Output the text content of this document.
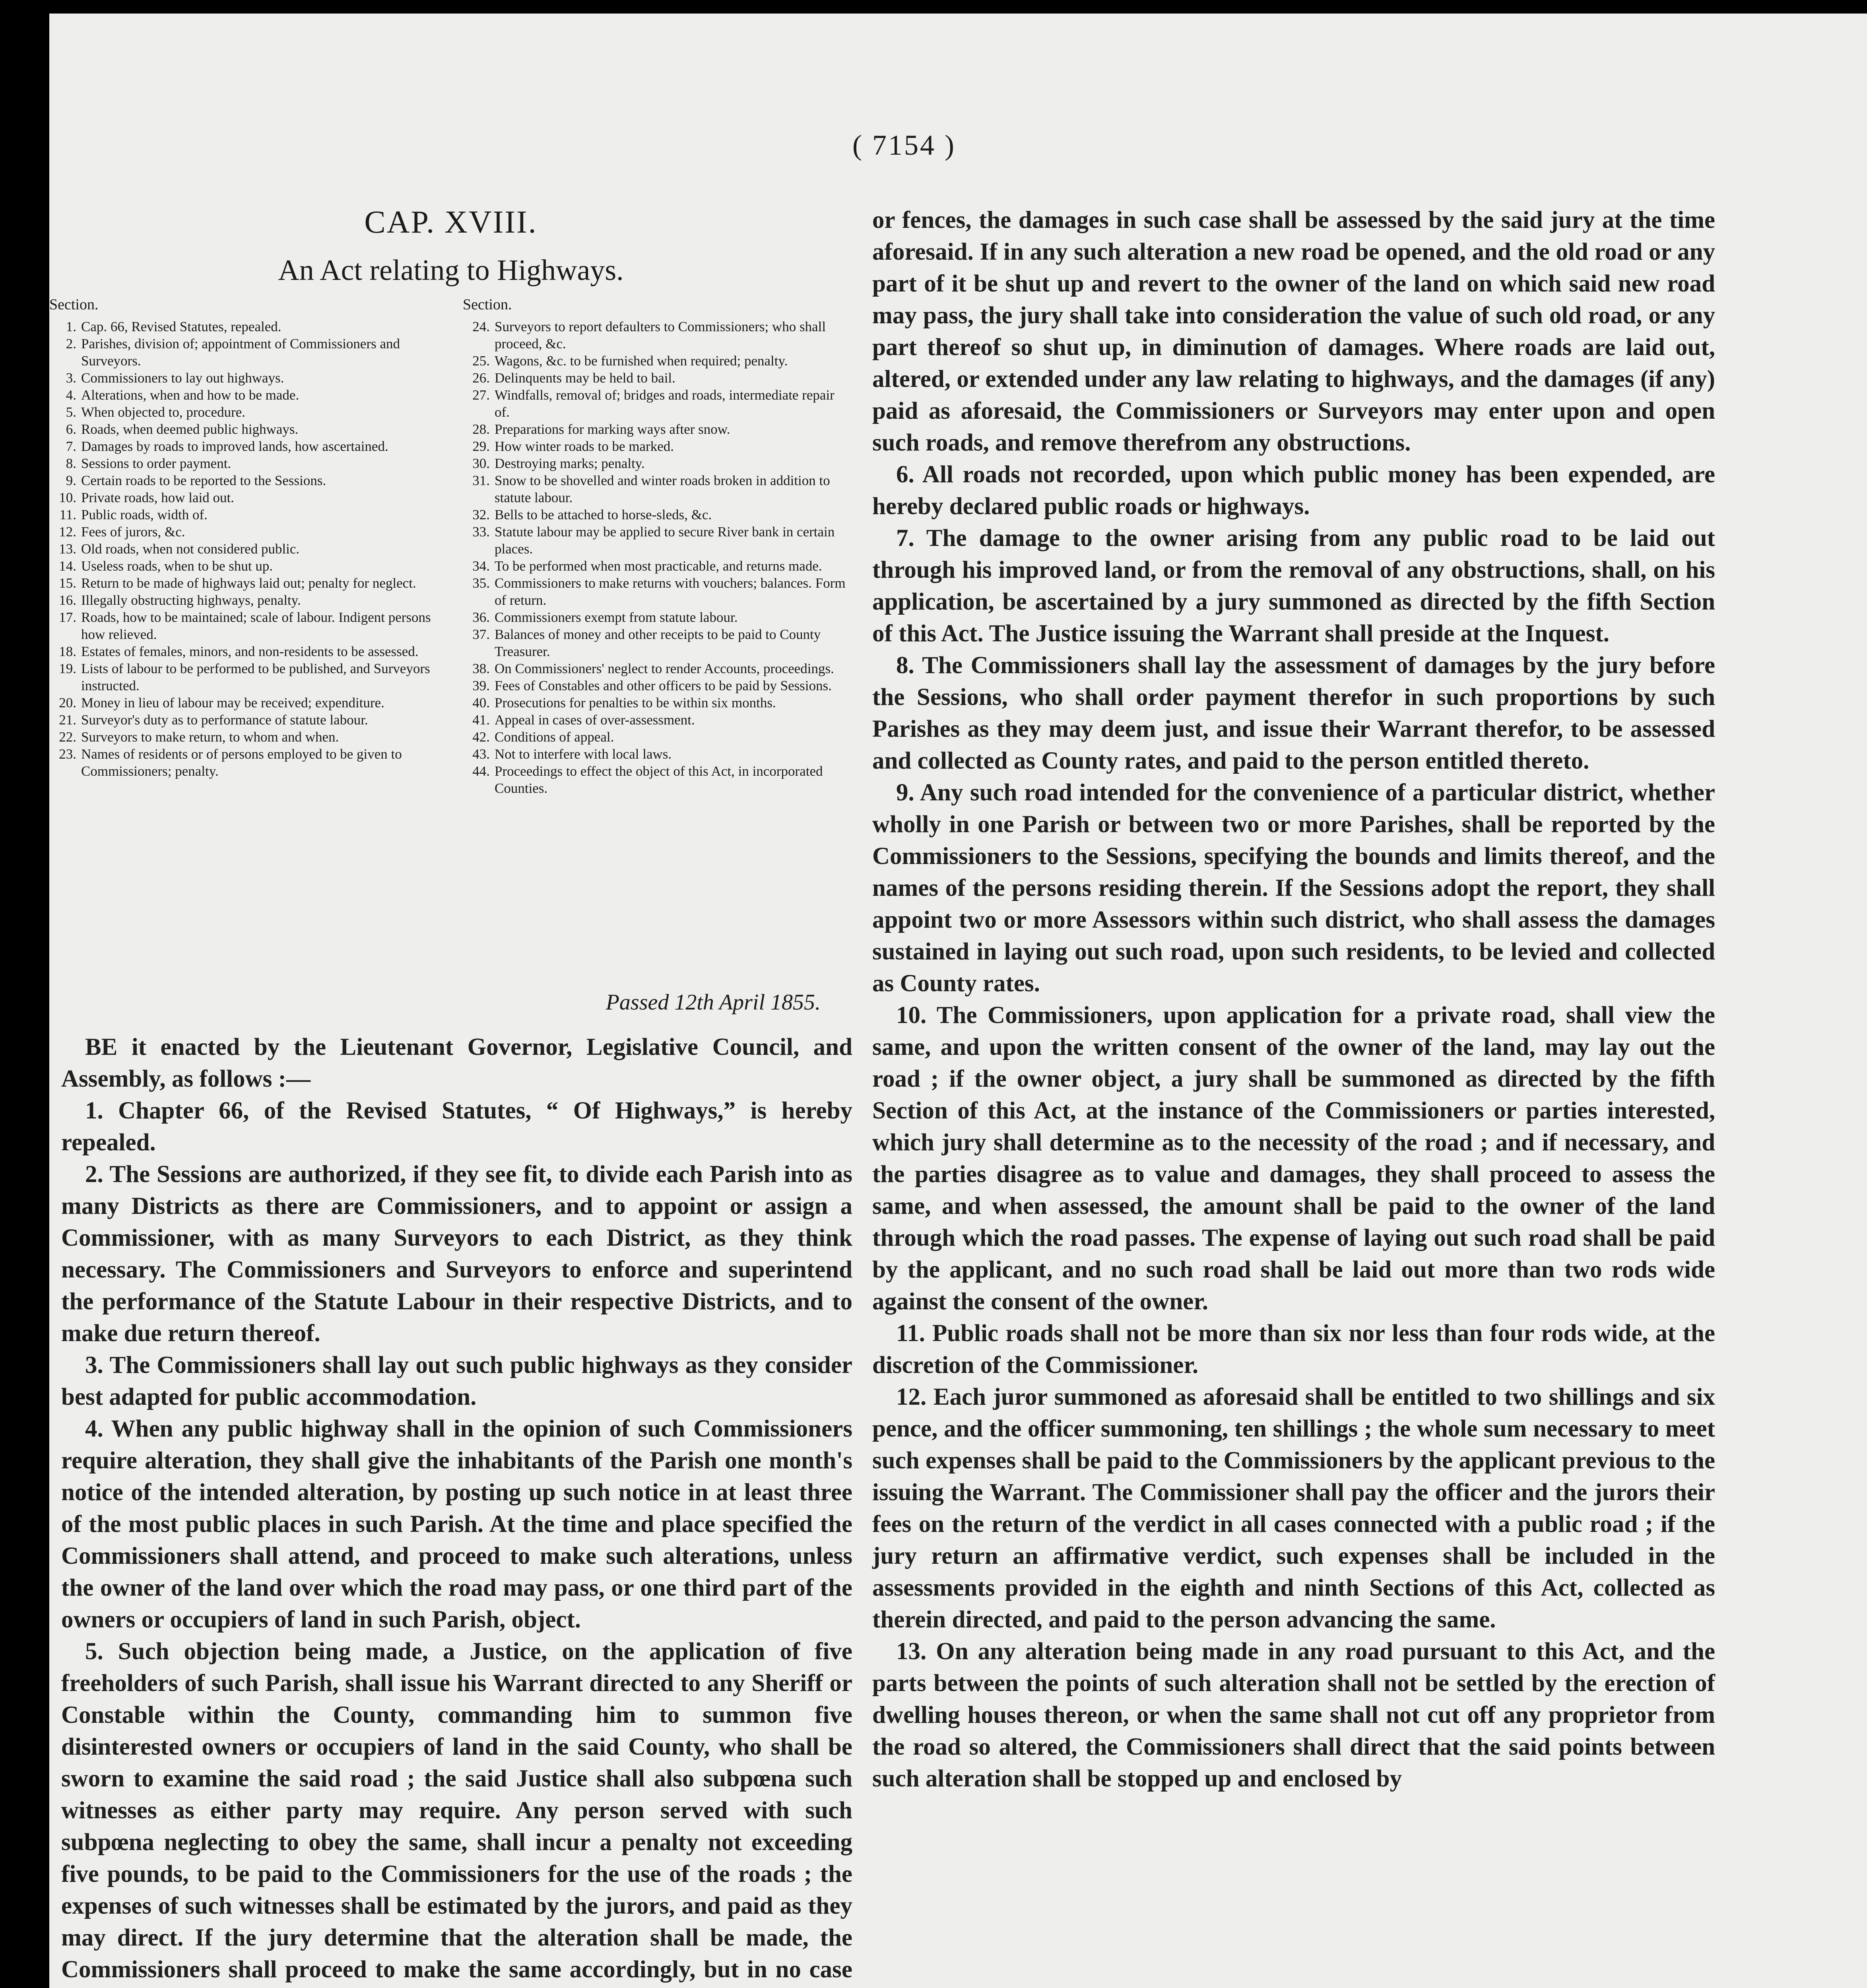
( 7154 )
CAP. XVIII.
An Act relating to Highways.
Section.
1. Cap. 66, Revised Statutes, repealed.
2. Parishes, division of; appointment of Commissioners and Surveyors.
3. Commissioners to lay out highways.
4. Alterations, when and how to be made.
5. When objected to, procedure.
6. Roads, when deemed public highways.
7. Damages by roads to improved lands, how ascertained.
8. Sessions to order payment.
9. Certain roads to be reported to the Sessions.
10. Private roads, how laid out.
11. Public roads, width of.
12. Fees of jurors, &c.
13. Old roads, when not considered public.
14. Useless roads, when to be shut up.
15. Return to be made of highways laid out; penalty for neglect.
16. Illegally obstructing highways, penalty.
17. Roads, how to be maintained; scale of labour. Indigent persons how relieved.
18. Estates of females, minors, and non-residents to be assessed.
19. Lists of labour to be performed to be published, and Surveyors instructed.
20. Money in lieu of labour may be received; expenditure.
21. Surveyor's duty as to performance of statute labour.
22. Surveyors to make return, to whom and when.
23. Names of residents or of persons employed to be given to Commissioners; penalty.
Section.
24. Surveyors to report defaulters to Commissioners; who shall proceed, &c.
25. Wagons, &c. to be furnished when required; penalty.
26. Delinquents may be held to bail.
27. Windfalls, removal of; bridges and roads, intermediate repair of.
28. Preparations for marking ways after snow.
29. How winter roads to be marked.
30. Destroying marks; penalty.
31. Snow to be shovelled and winter roads broken in addition to statute labour.
32. Bells to be attached to horse-sleds, &c.
33. Statute labour may be applied to secure River bank in certain places.
34. To be performed when most practicable, and returns made.
35. Commissioners to make returns with vouchers; balances. Form of return.
36. Commissioners exempt from statute labour.
37. Balances of money and other receipts to be paid to County Treasurer.
38. On Commissioners' neglect to render Accounts, proceedings.
39. Fees of Constables and other officers to be paid by Sessions.
40. Prosecutions for penalties to be within six months.
41. Appeal in cases of over-assessment.
42. Conditions of appeal.
43. Not to interfere with local laws.
44. Proceedings to effect the object of this Act, in incorporated Counties.
Passed 12th April 1855.

BE it enacted by the Lieutenant Governor, Legislative Council, and Assembly, as follows :—

1. Chapter 66, of the Revised Statutes, “ Of Highways,” is hereby repealed.

2. The Sessions are authorized, if they see fit, to divide each Parish into as many Districts as there are Commissioners, and to appoint or assign a Commissioner, with as many Surveyors to each District, as they think necessary. The Commissioners and Surveyors to enforce and superintend the performance of the Statute Labour in their respective Districts, and to make due return thereof.

3. The Commissioners shall lay out such public highways as they consider best adapted for public accommodation.

4. When any public highway shall in the opinion of such Commissioners require alteration, they shall give the inhabitants of the Parish one month's notice of the intended alteration, by posting up such notice in at least three of the most public places in such Parish. At the time and place specified the Commissioners shall attend, and proceed to make such alterations, unless the owner of the land over which the road may pass, or one third part of the owners or occupiers of land in such Parish, object.

5. Such objection being made, a Justice, on the application of five freeholders of such Parish, shall issue his Warrant directed to any Sheriff or Constable within the County, commanding him to summon five disinterested owners or occupiers of land in the said County, who shall be sworn to examine the said road ; the said Justice shall also subpœna such witnesses as either party may require. Any person served with such subpœna neglecting to obey the same, shall incur a penalty not exceeding five pounds, to be paid to the Commissioners for the use of the roads ; the expenses of such witnesses shall be estimated by the jurors, and paid as they may direct. If the jury determine that the alteration shall be made, the Commissioners shall proceed to make the same accordingly, but in no case

or fences, the damages in such case shall be assessed by the said jury at the time aforesaid. If in any such alteration a new road be opened, and the old road or any part of it be shut up and revert to the owner of the land on which said new road may pass, the jury shall take into consideration the value of such old road, or any part thereof so shut up, in diminution of damages. Where roads are laid out, altered, or extended under any law relating to highways, and the damages (if any) paid as aforesaid, the Commissioners or Surveyors may enter upon and open such roads, and remove therefrom any obstructions.

6. All roads not recorded, upon which public money has been expended, are hereby declared public roads or highways.

7. The damage to the owner arising from any public road to be laid out through his improved land, or from the removal of any obstructions, shall, on his application, be ascertained by a jury summoned as directed by the fifth Section of this Act. The Justice issuing the Warrant shall preside at the Inquest.

8. The Commissioners shall lay the assessment of damages by the jury before the Sessions, who shall order payment therefor in such proportions by such Parishes as they may deem just, and issue their Warrant therefor, to be assessed and collected as County rates, and paid to the person entitled thereto.

9. Any such road intended for the convenience of a particular district, whether wholly in one Parish or between two or more Parishes, shall be reported by the Commissioners to the Sessions, specifying the bounds and limits thereof, and the names of the persons residing therein. If the Sessions adopt the report, they shall appoint two or more Assessors within such district, who shall assess the damages sustained in laying out such road, upon such residents, to be levied and collected as County rates.

10. The Commissioners, upon application for a private road, shall view the same, and upon the written consent of the owner of the land, may lay out the road ; if the owner object, a jury shall be summoned as directed by the fifth Section of this Act, at the instance of the Commissioners or parties interested, which jury shall determine as to the necessity of the road ; and if necessary, and the parties disagree as to value and damages, they shall proceed to assess the same, and when assessed, the amount shall be paid to the owner of the land through which the road passes. The expense of laying out such road shall be paid by the applicant, and no such road shall be laid out more than two rods wide against the consent of the owner.

11. Public roads shall not be more than six nor less than four rods wide, at the discretion of the Commissioner.

12. Each juror summoned as aforesaid shall be entitled to two shillings and six pence, and the officer summoning, ten shillings ; the whole sum necessary to meet such expenses shall be paid to the Commissioners by the applicant previous to the issuing the Warrant. The Commissioner shall pay the officer and the jurors their fees on the return of the verdict in all cases connected with a public road ; if the jury return an affirmative verdict, such expenses shall be included in the assessments provided in the eighth and ninth Sections of this Act, collected as therein directed, and paid to the person advancing the same.

13. On any alteration being made in any road pursuant to this Act, and the parts between the points of such alteration shall not be settled by the erection of dwelling houses thereon, or when the same shall not cut off any proprietor from the road so altered, the Commissioners shall direct that the said points between such alteration shall be stopped up and enclosed by
